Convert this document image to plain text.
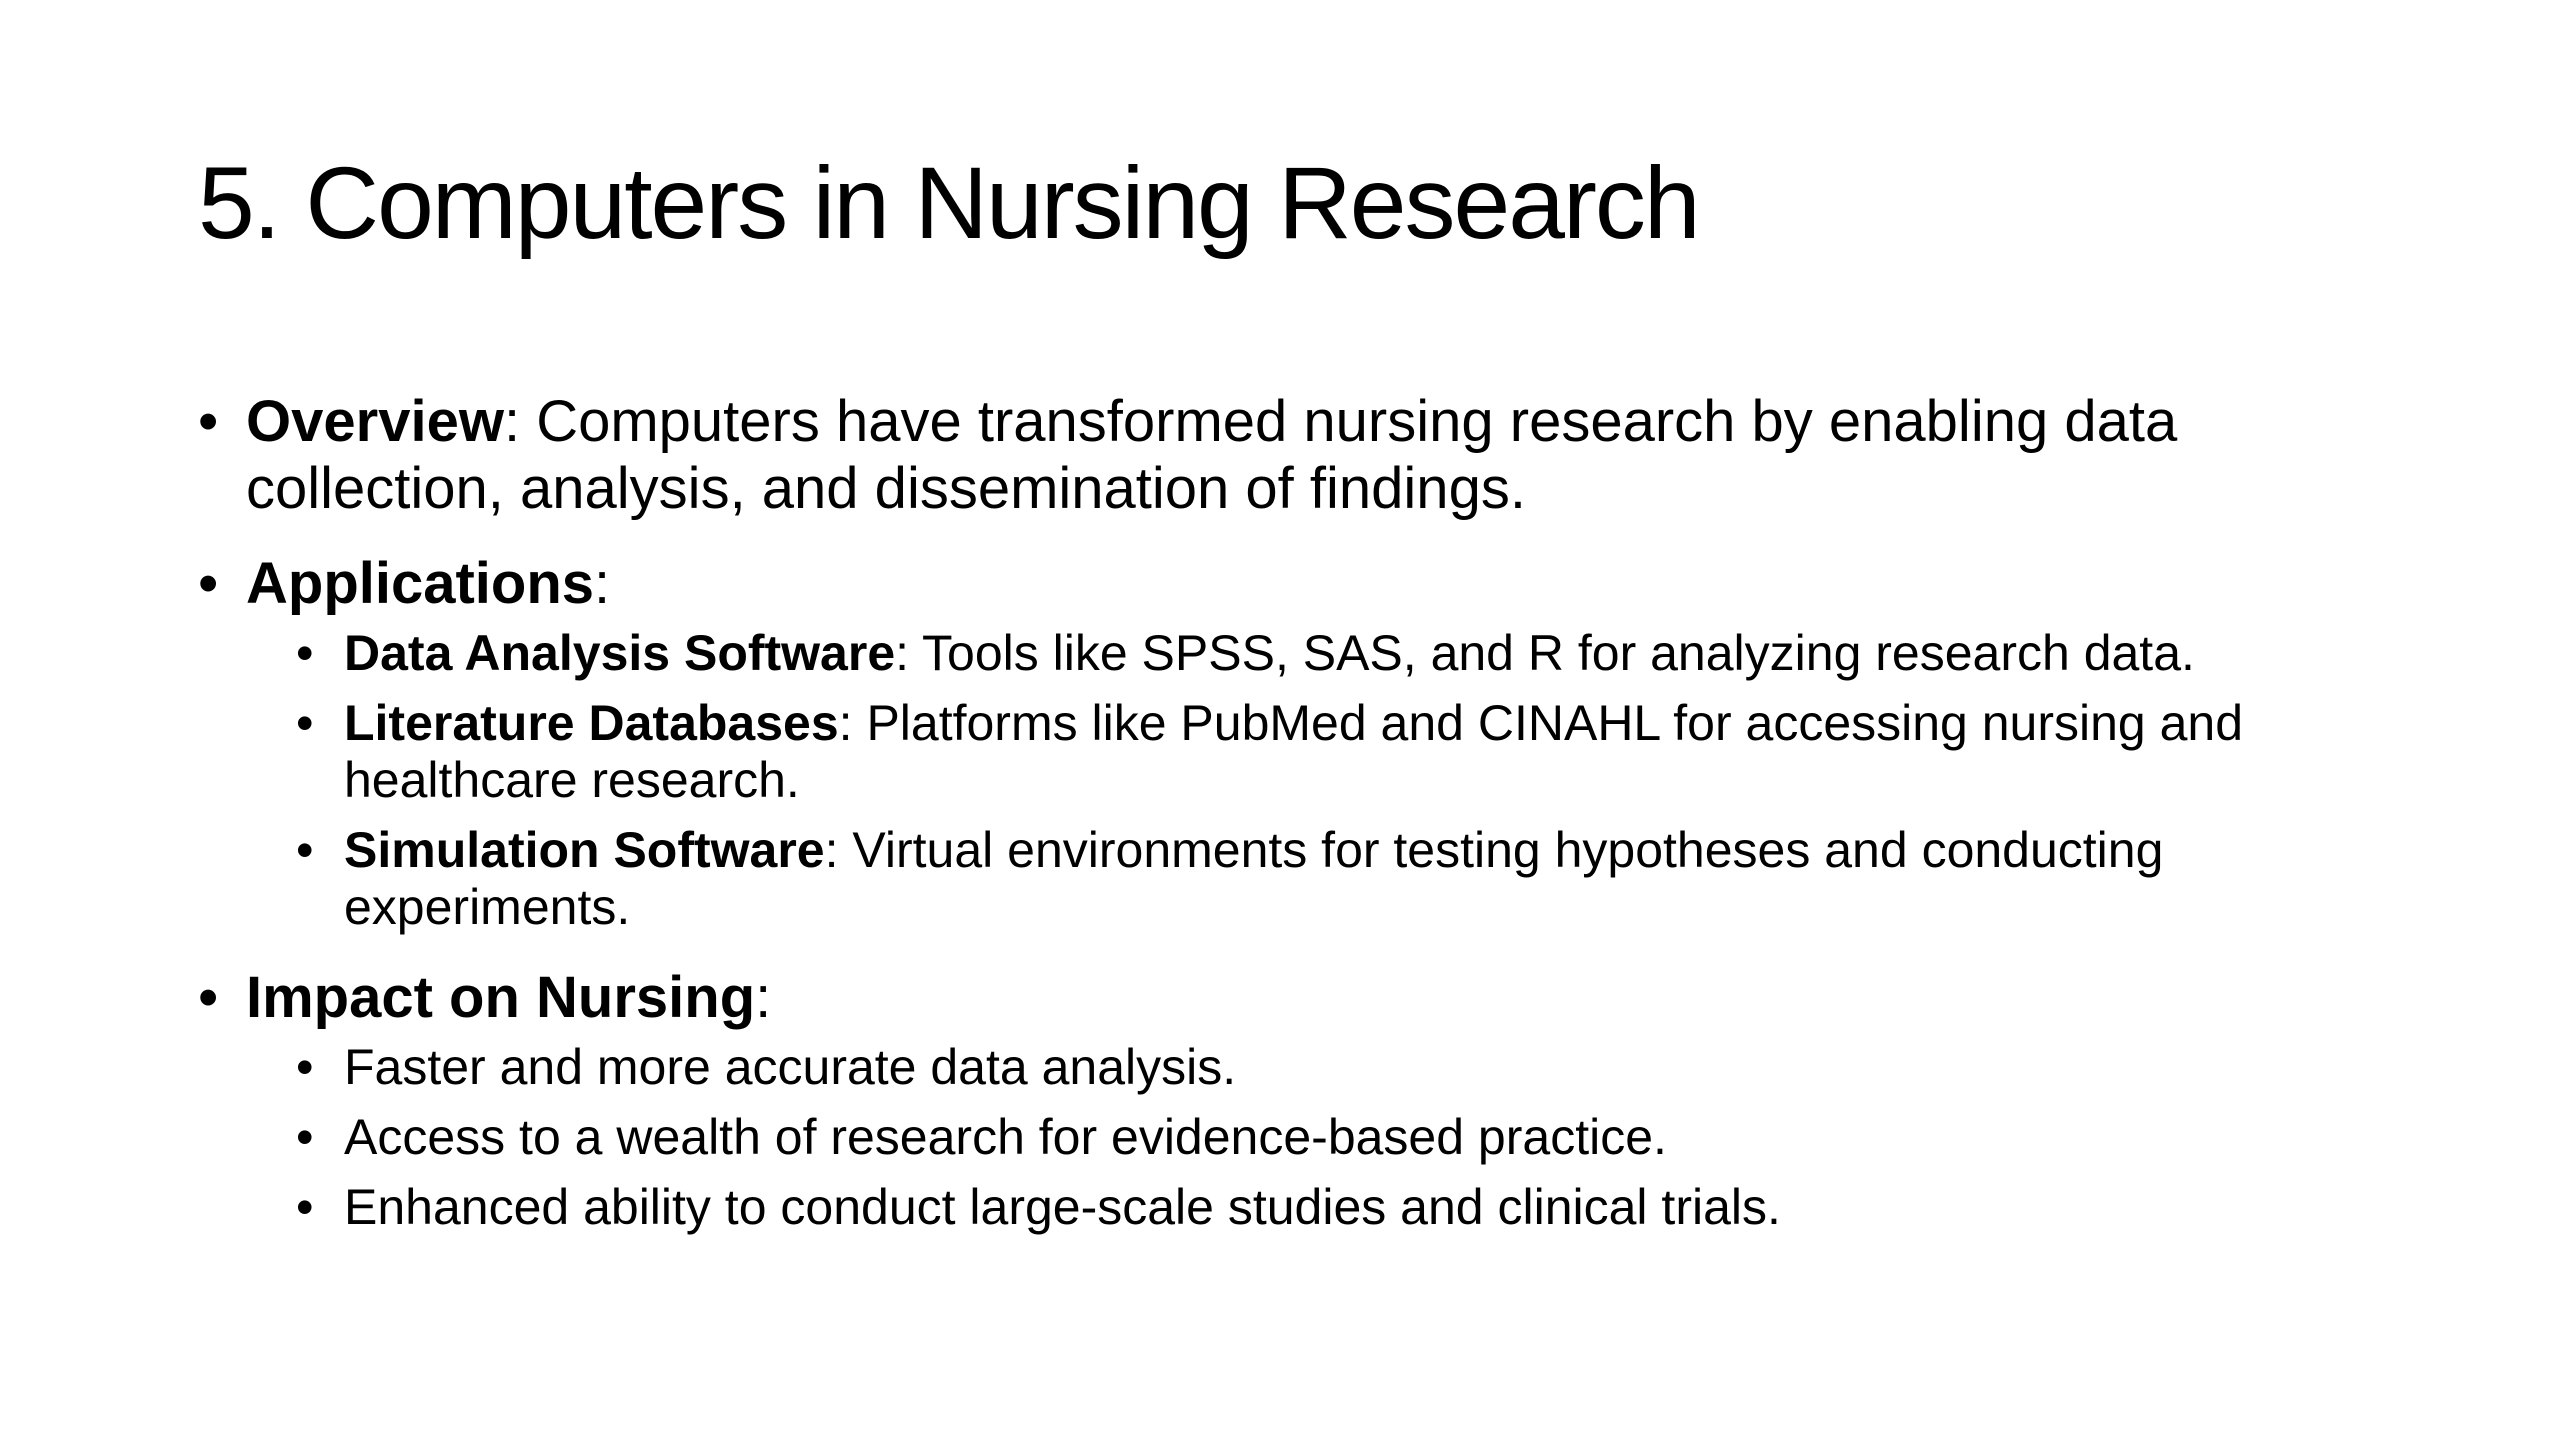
5. Computers in Nursing Research
• Overview: Computers have transformed nursing research by enabling data collection, analysis, and dissemination of findings.
• Applications:
• Data Analysis Software: Tools like SPSS, SAS, and R for analyzing research data.
• Literature Databases: Platforms like PubMed and CINAHL for accessing nursing and healthcare research.
• Simulation Software: Virtual environments for testing hypotheses and conducting experiments.
• Impact on Nursing:
• Faster and more accurate data analysis.
• Access to a wealth of research for evidence-based practice.
• Enhanced ability to conduct large-scale studies and clinical trials.
